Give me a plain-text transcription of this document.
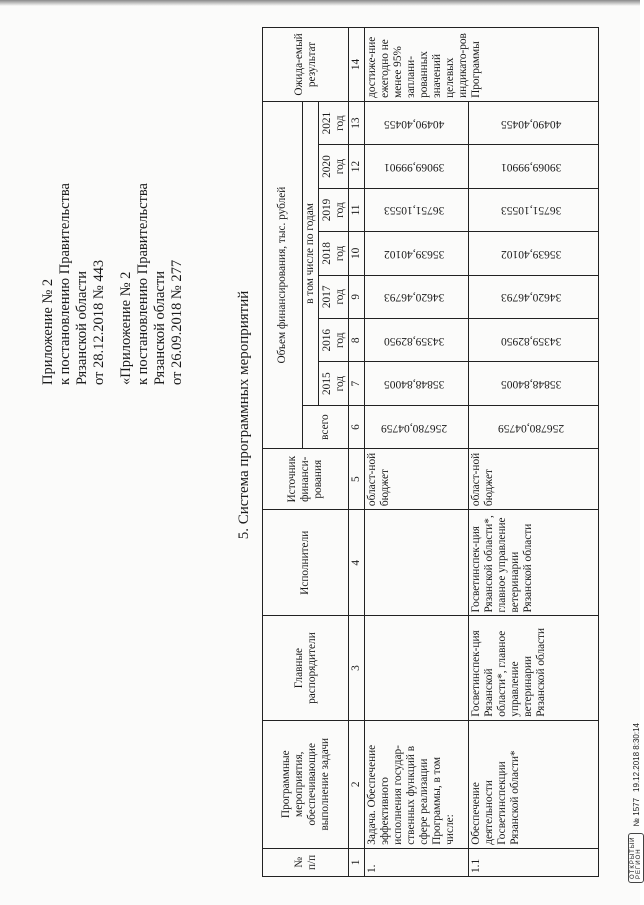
Приложение № 2 к постановлению Правительства Рязанской области от 28.12.2018 № 443 «Приложение № 2 к постановлению Правительства Рязанской области от 26.09.2018 № 277	5. Система программных мероприятий
№ п/п	Программные мероприятия, обеспечивающие выполнение задачи	Главные распорядители	Исполнители	Источник финанси-рования	Объем финансирования, тыс. рублей								Ожида-емый результат
					всего	в том числе по годам							
						2015 год	2016 год	2017 год	2018 год	2019 год	2020 год	2021 год	
1	2	3	4	5	6	7	8	9	10	11	12	13	14
1.	Задача. Обеспечение эффективного исполнения государ-ственных функций в сфере реализации Программы, в том числе:			област-ной бюджет	256780,04759	35848,84005	34359,82950	34620,46793	35639,40102	36751,10553	39069,99901	40490,40455	достиже-ние ежегодно не менее 95% заплани-рованных значений целевых индикато-ров Программы
1.1	Обеспечение деятельности Госветинспекции Рязанской области*	Госветинспек-ция Рязанской области*, главное управление ветеринарии Рязанской области	Госветинспек-ция Рязанской области*, главное управление ветеринарии Рязанской области	област-ной бюджет	256780,04759	35848,84005	34359,82950	34620,46793	35639,40102	36751,10553	39069,99901	40490,40455	
ОТКРЫТЫЙ РЕГИОН
№ 1577
19.12.2018 8:30:14
